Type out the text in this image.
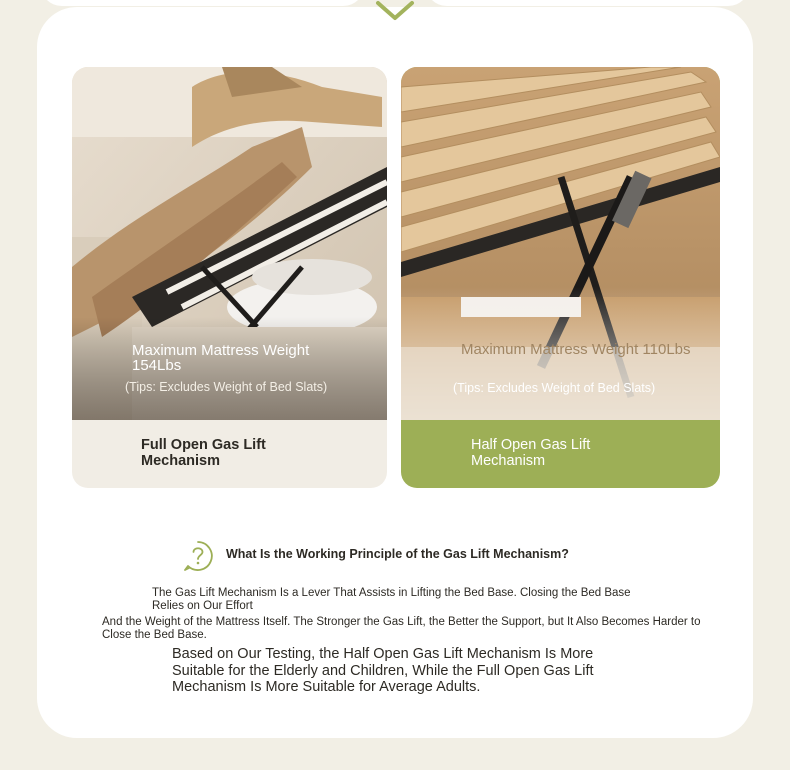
Maximum Mattress Weight 154Lbs
(Tips: Excludes Weight of Bed Slats)
Full Open Gas Lift Mechanism
Maximum Mattress Weight 110Lbs
(Tips: Excludes Weight of Bed Slats)
Half Open Gas Lift Mechanism
What Is the Working Principle of the Gas Lift Mechanism?
The Gas Lift Mechanism Is a Lever That Assists in Lifting the Bed Base. Closing the Bed Base Relies on Our Effort
And the Weight of the Mattress Itself. The Stronger the Gas Lift, the Better the Support, but It Also Becomes Harder to Close the Bed Base.
Based on Our Testing, the Half Open Gas Lift Mechanism Is More Suitable for the Elderly and Children, While the Full Open Gas Lift Mechanism Is More Suitable for Average Adults.
